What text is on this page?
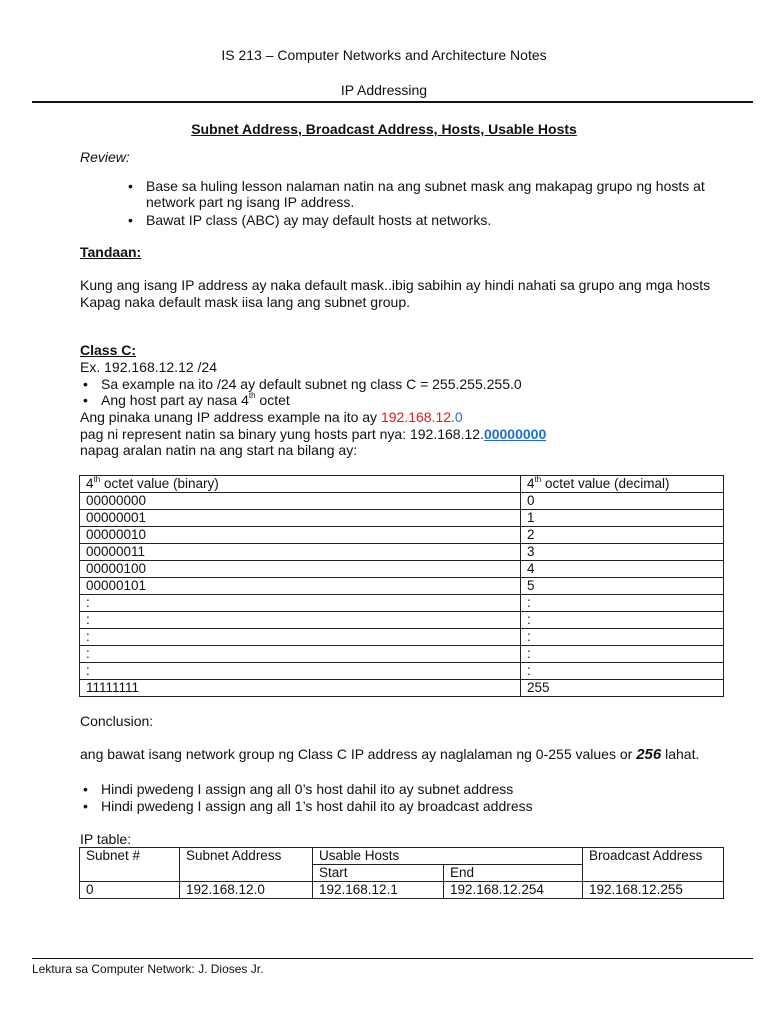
IS 213 – Computer Networks and Architecture Notes
IP Addressing
Subnet Address, Broadcast Address, Hosts, Usable Hosts
Review:
• Base sa huling lesson nalaman natin na ang subnet mask ang makapag grupo ng hosts at
network part ng isang IP address.
• Bawat IP class (ABC) ay may default hosts at networks.
Tandaan:
Kung ang isang IP address ay naka default mask..ibig sabihin ay hindi nahati sa grupo ang mga hosts
Kapag naka default mask iisa lang ang subnet group.
Class C:
Ex. 192.168.12.12 /24
• Sa example na ito /24 ay default subnet ng class C = 255.255.255.0
• Ang host part ay nasa 4th octet
Ang pinaka unang IP address example na ito ay 192.168.12.0
pag ni represent natin sa binary yung hosts part nya: 192.168.12.00000000
napag aralan natin na ang start na bilang ay:
4th octet value (binary)	4th octet value (decimal)
00000000	0
00000001	1
00000010	2
00000011	3
00000100	4
00000101	5
:	:
:	:
:	:
:	:
:	:
11111111	255
Conclusion:
ang bawat isang network group ng Class C IP address ay naglalaman ng 0-255 values or 256 lahat.
• Hindi pwedeng I assign ang all 0’s host dahil ito ay subnet address
• Hindi pwedeng I assign ang all 1’s host dahil ito ay broadcast address
IP table:
Subnet #	Subnet Address	Usable Hosts		Broadcast Address
		Start	End	
0	192.168.12.0	192.168.12.1	192.168.12.254	192.168.12.255
Lektura sa Computer Network: J. Dioses Jr.
